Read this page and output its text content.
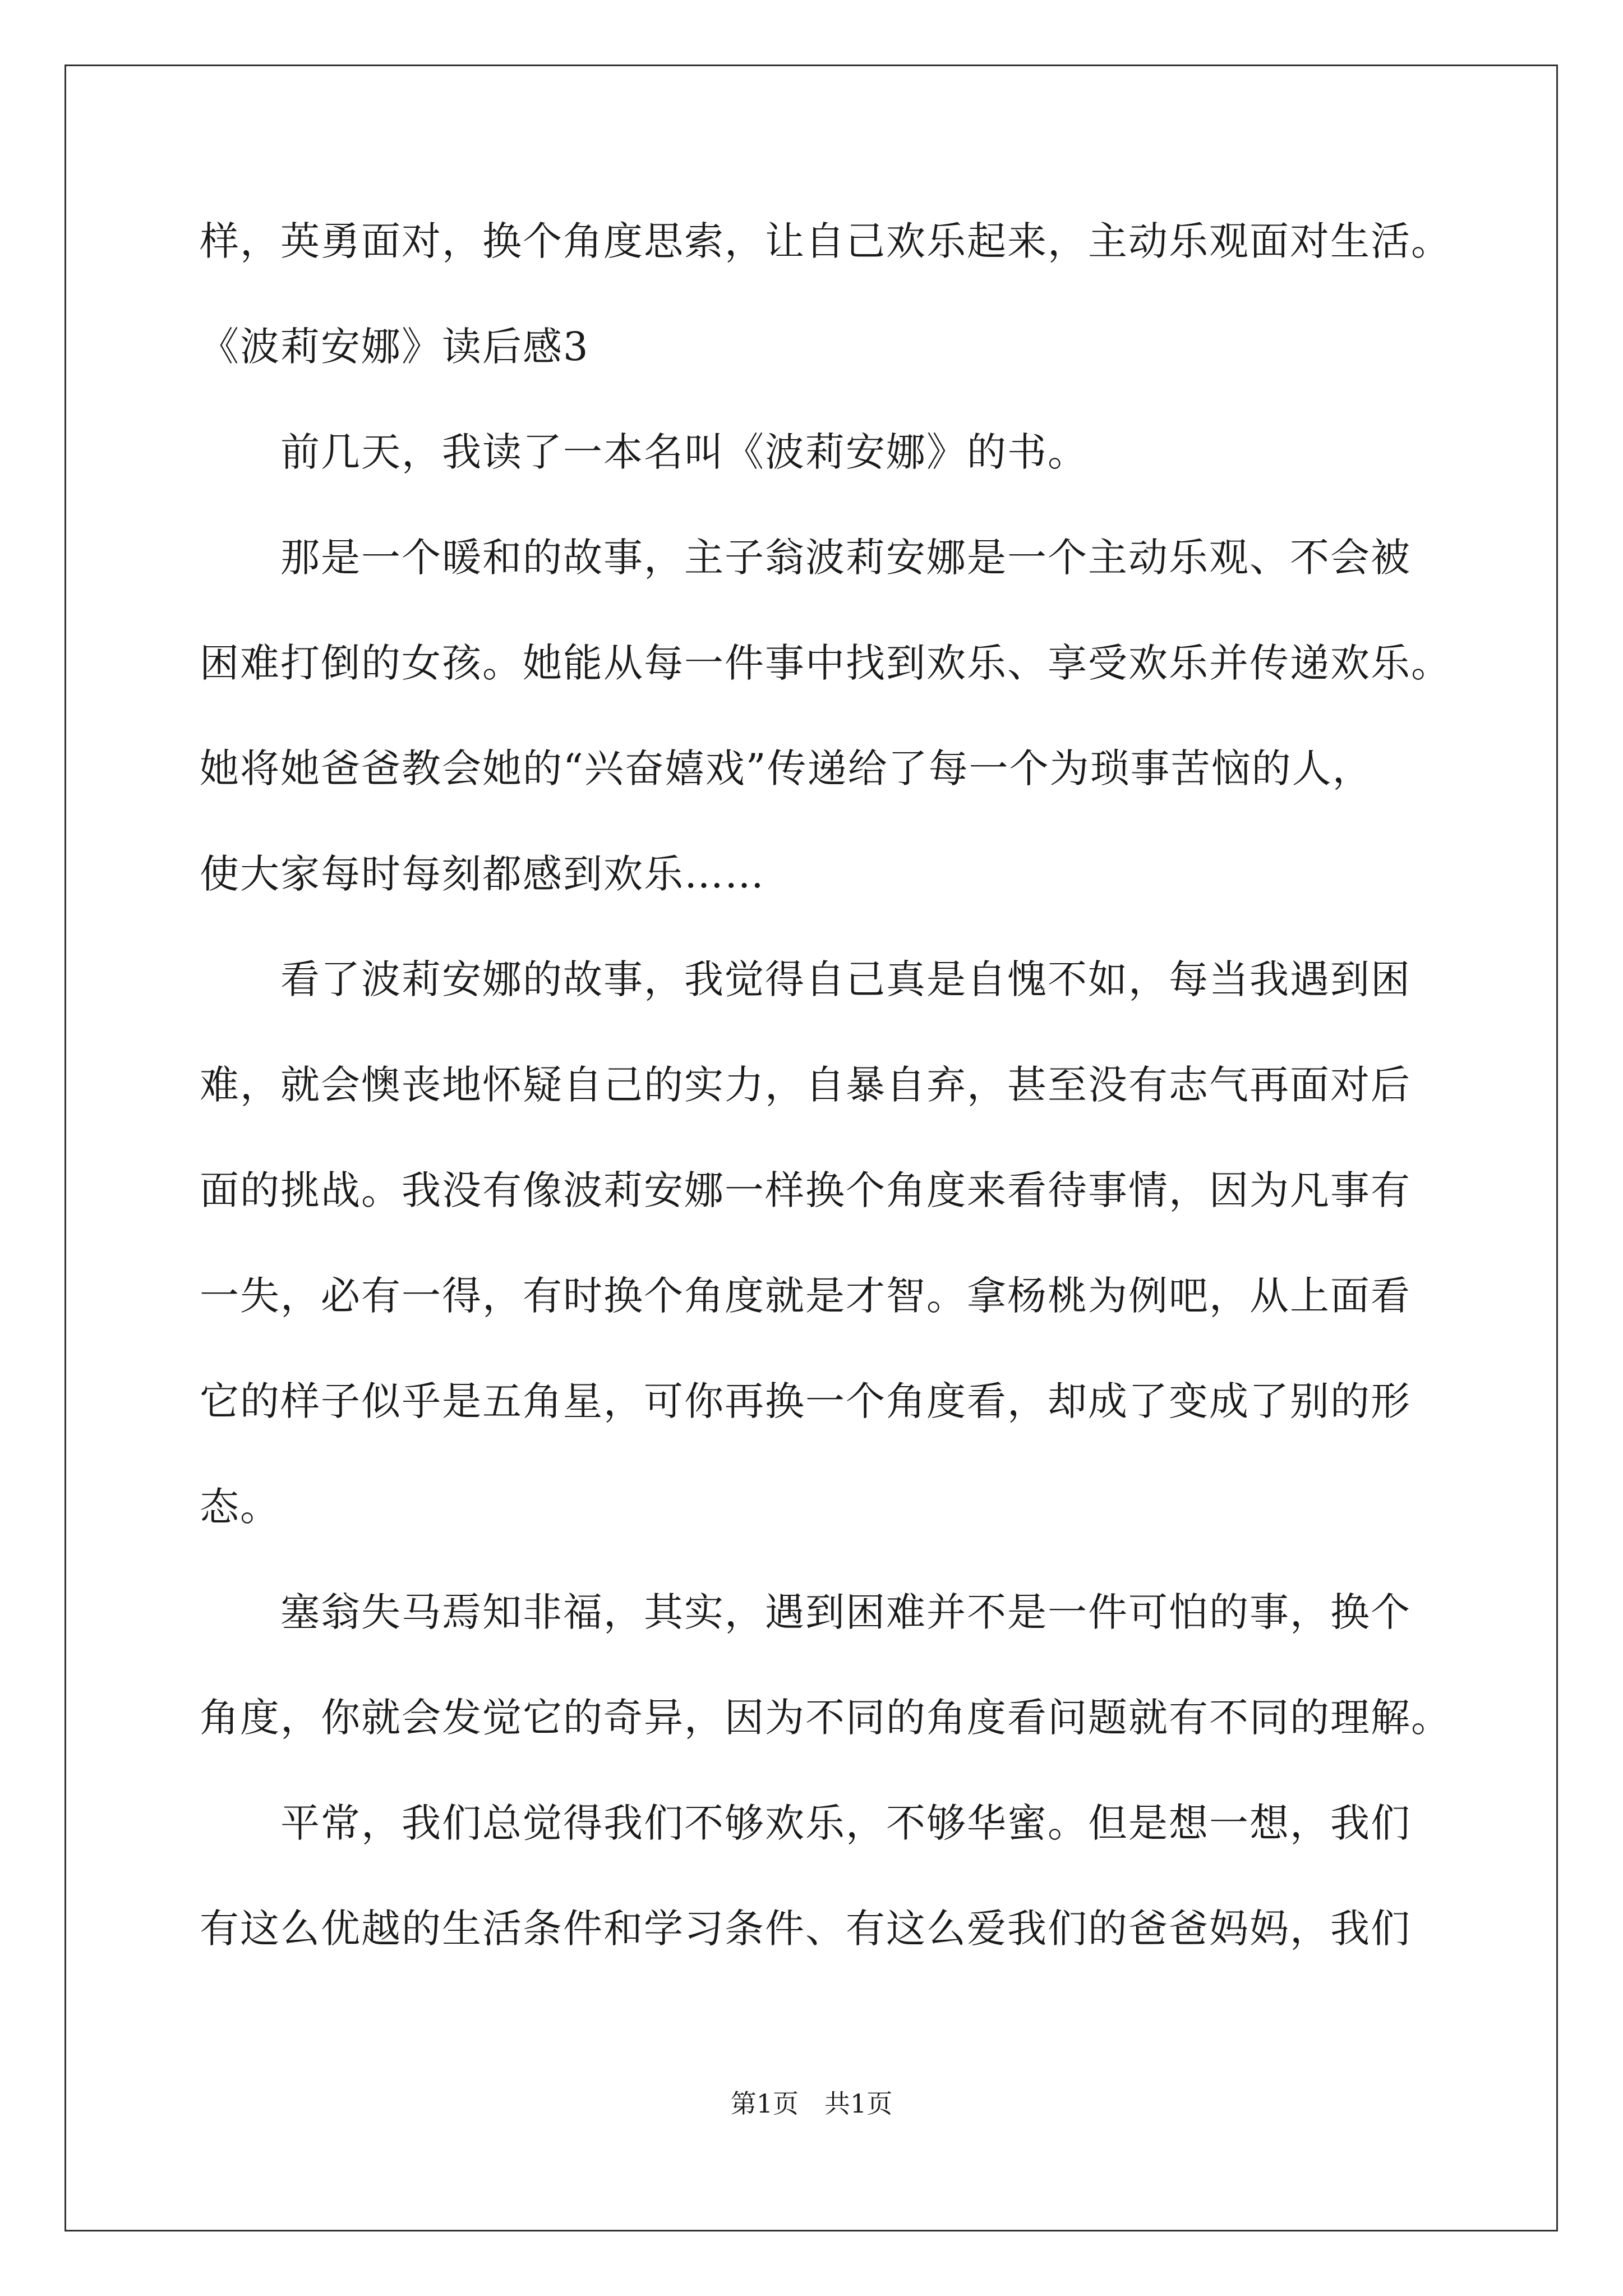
样，英勇面对，换个角度思索，让自己欢乐起来，主动乐观面对生活。
《波莉安娜》读后感3
前几天，我读了一本名叫《波莉安娜》的书。
那是一个暖和的故事，主子翁波莉安娜是一个主动乐观、不会被
困难打倒的女孩。她能从每一件事中找到欢乐、享受欢乐并传递欢乐。
她将她爸爸教会她的“兴奋嬉戏”传递给了每一个为琐事苦恼的人，
使大家每时每刻都感到欢乐……
看了波莉安娜的故事，我觉得自己真是自愧不如，每当我遇到困
难，就会懊丧地怀疑自己的实力，自暴自弃，甚至没有志气再面对后
面的挑战。我没有像波莉安娜一样换个角度来看待事情，因为凡事有
一失，必有一得，有时换个角度就是才智。拿杨桃为例吧，从上面看
它的样子似乎是五角星，可你再换一个角度看，却成了变成了别的形
态。
塞翁失马焉知非福，其实，遇到困难并不是一件可怕的事，换个
角度，你就会发觉它的奇异，因为不同的角度看问题就有不同的理解。
平常，我们总觉得我们不够欢乐，不够华蜜。但是想一想，我们
有这么优越的生活条件和学习条件、有这么爱我们的爸爸妈妈，我们
第1页　共1页
